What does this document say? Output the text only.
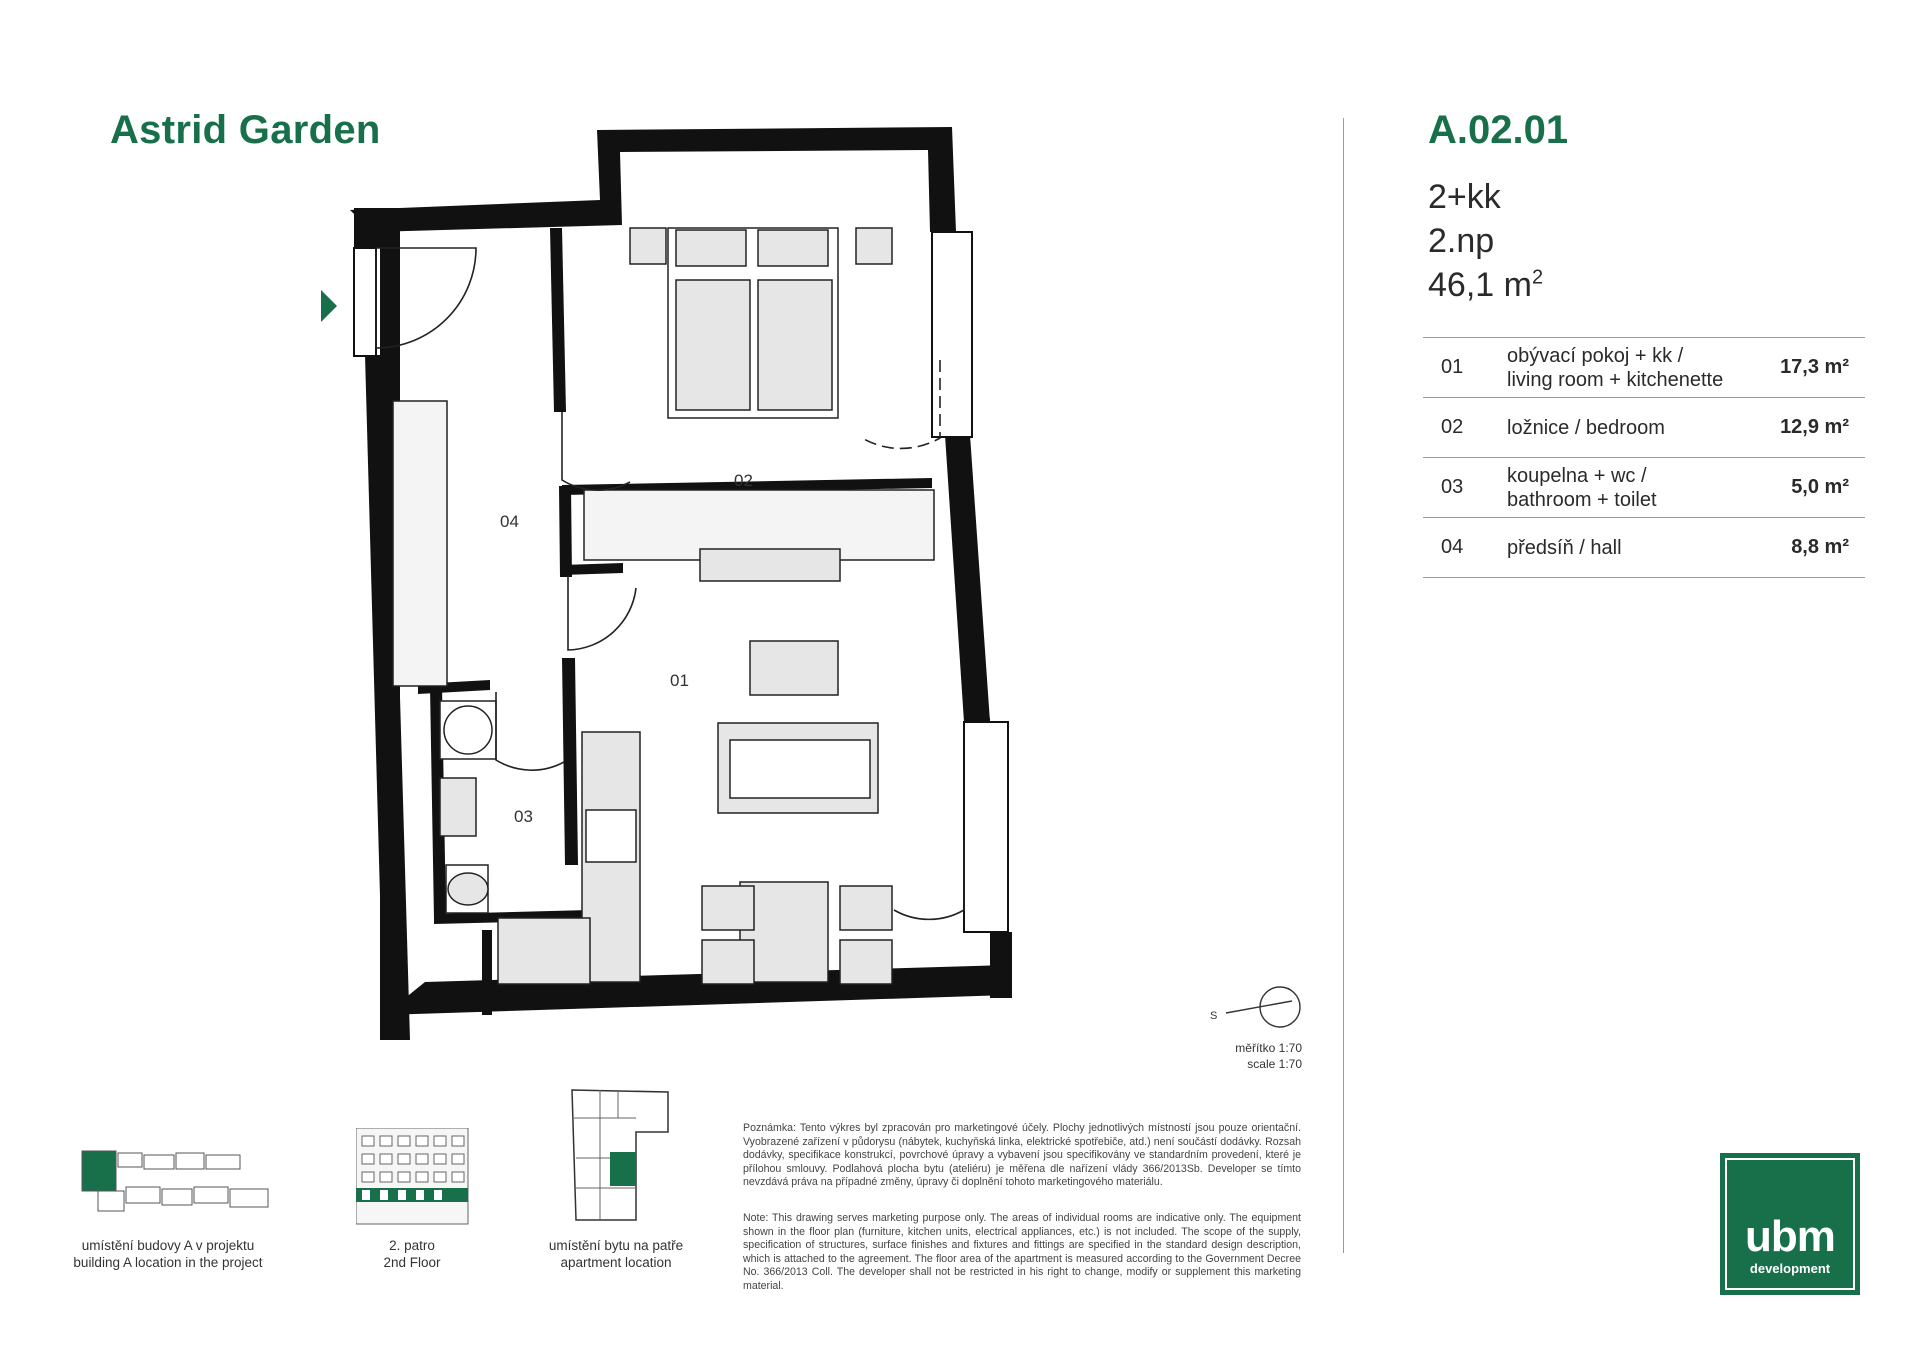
Astrid Garden	A.02.01
2+kk
2.np
46,1 $m^2$
01	obývací pokoj + kk /
living room + kitchenette	17,3 m²
02	ložnice / bedroom	12,9 m²
03	koupelna + wc /
bathroom + toilet	5,0 m²
04	předsíň / hall	8,8 m²
01
02
03
04
S
měřítko 1:70
scale 1:70
umístění budovy A v projektu
building A location in the project
2. patro
2nd Floor
umístění bytu na patře
apartment location
Poznámka: Tento výkres byl zpracován pro marketingové účely. Plochy jednotlivých místností jsou pouze orientační. Vyobrazené zařízení v půdorysu (nábytek, kuchyňská linka, elektrické spotřebiče, atd.) není součástí dodávky. Rozsah dodávky, specifikace konstrukcí, povrchové úpravy a vybavení jsou specifikovány ve standardním provedení, které je přílohou smlouvy. Podlahová plocha bytu (ateliéru) je měřena dle nařízení vlády 366/2013Sb. Developer se tímto nevzdává práva na případné změny, úpravy či doplnění tohoto marketingového materiálu.
Note: This drawing serves marketing purpose only. The areas of individual rooms are indicative only. The equipment shown in the floor plan (furniture, kitchen units, electrical appliances, etc.) is not included. The scope of the supply, specification of structures, surface finishes and fixtures and fittings are specified in the standard design description, which is attached to the agreement. The floor area of the apartment is measured according to the Government Decree No. 366/2013 Coll. The developer shall not be restricted in his right to change, modify or supplement this marketing material.
ubm
development
